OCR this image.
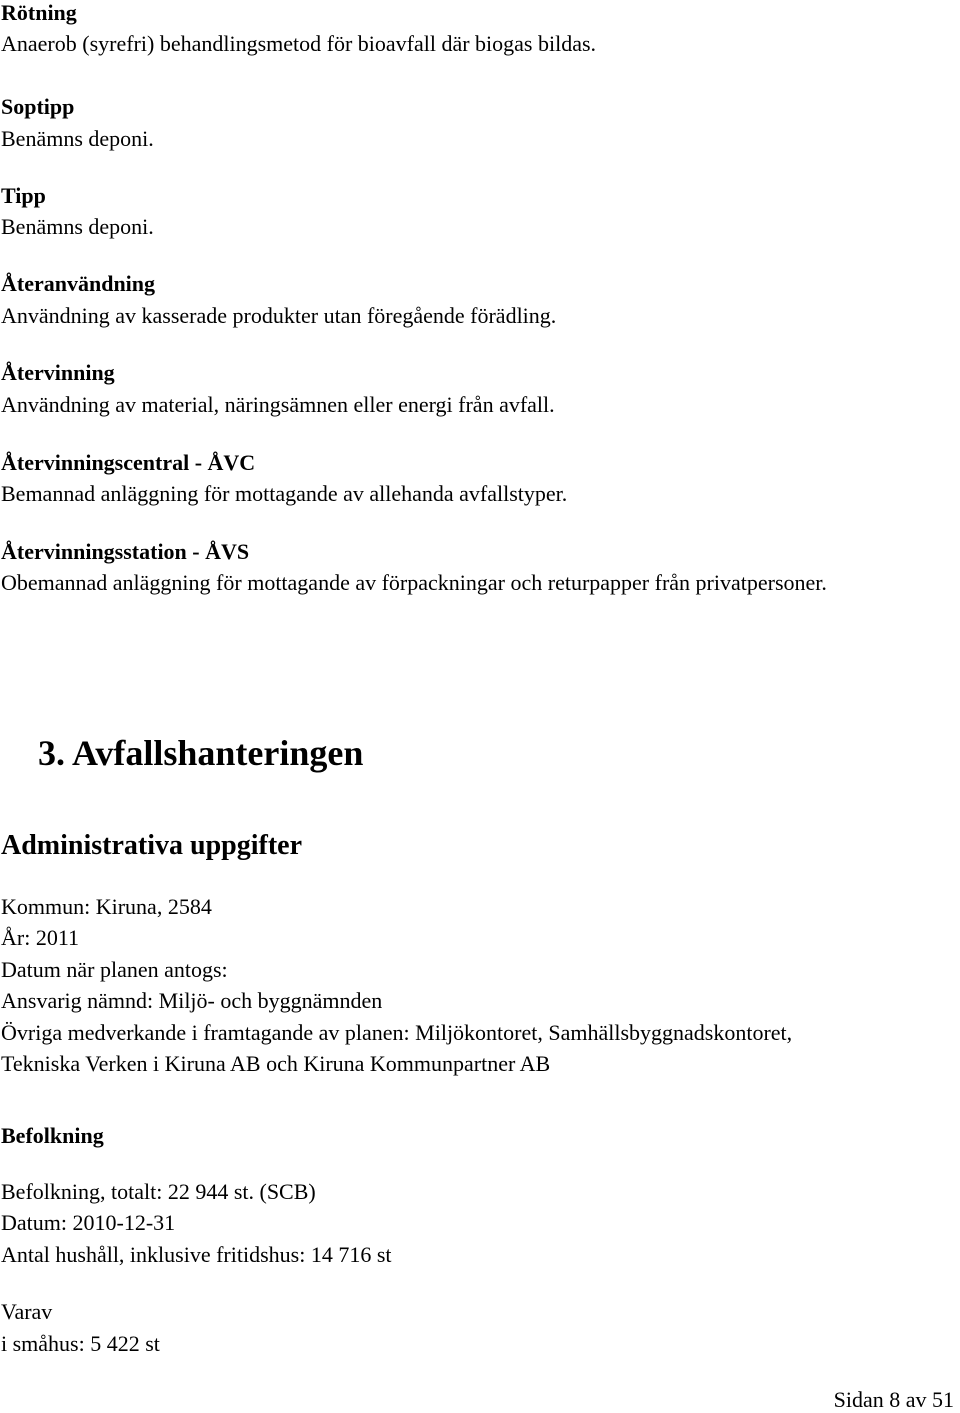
Rötning
Anaerob (syrefri) behandlingsmetod för bioavfall där biogas bildas.
Soptipp
Benämns deponi.
Tipp
Benämns deponi.
Återanvändning
Användning av kasserade produkter utan föregående förädling.
Återvinning
Användning av material, näringsämnen eller energi från avfall.
Återvinningscentral - ÅVC
Bemannad anläggning för mottagande av allehanda avfallstyper.
Återvinningsstation - ÅVS
Obemannad anläggning för mottagande av förpackningar och returpapper från privatpersoner.
3. Avfallshanteringen
Administrativa uppgifter
Kommun: Kiruna, 2584
År: 2011
Datum när planen antogs:
Ansvarig nämnd: Miljö- och byggnämnden
Övriga medverkande i framtagande av planen: Miljökontoret, Samhällsbyggnadskontoret,
Tekniska Verken i Kiruna AB och Kiruna Kommunpartner AB
Befolkning
Befolkning, totalt: 22 944 st. (SCB)
Datum: 2010-12-31
Antal hushåll, inklusive fritidshus: 14 716 st
Varav
i småhus: 5 422 st
Sidan 8 av 51
